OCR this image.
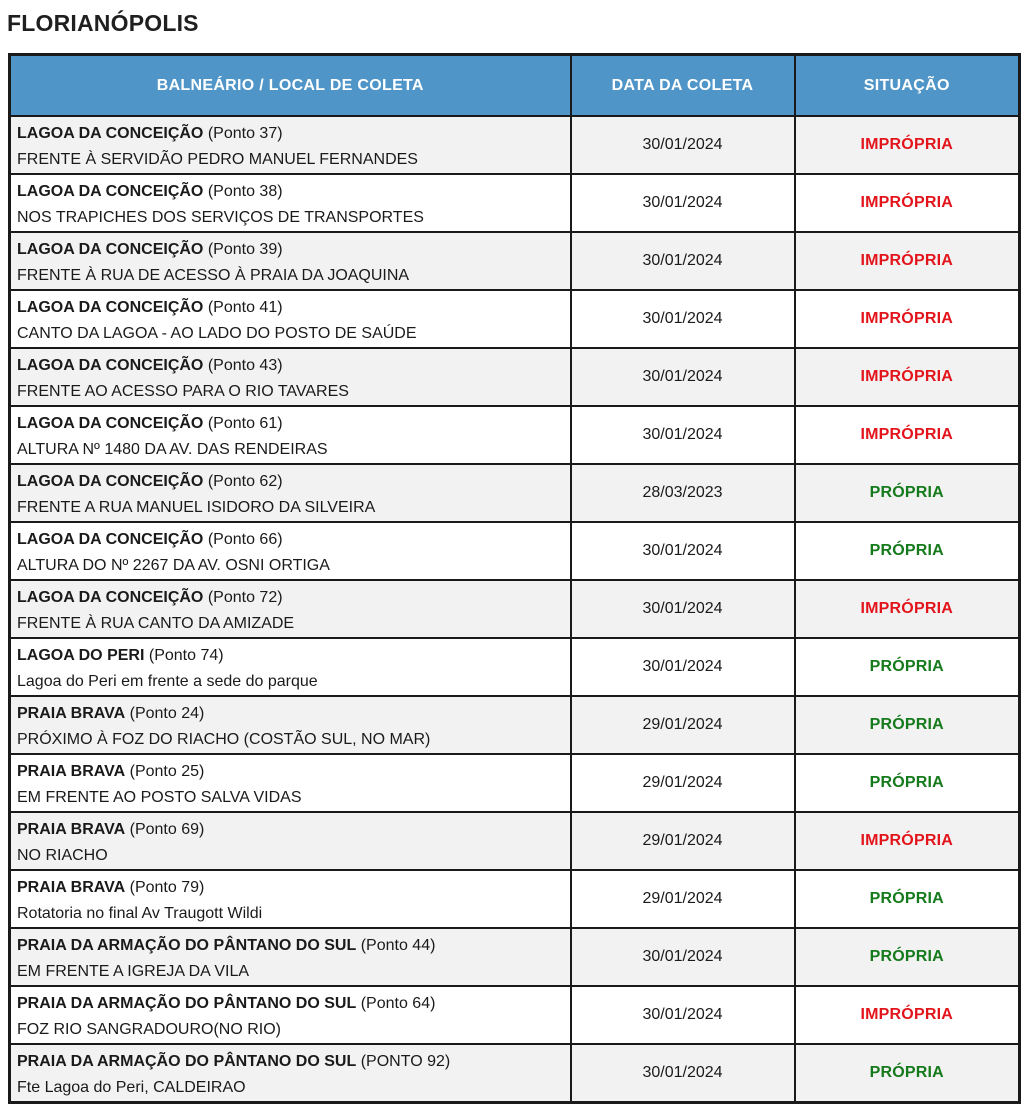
FLORIANÓPOLIS
BALNEÁRIO / LOCAL DE COLETA	DATA DA COLETA	SITUAÇÃO
LAGOA DA CONCEIÇÃO (Ponto 37)
FRENTE À SERVIDÃO PEDRO MANUEL FERNANDES	30/01/2024	IMPRÓPRIA
LAGOA DA CONCEIÇÃO (Ponto 38)
NOS TRAPICHES DOS SERVIÇOS DE TRANSPORTES	30/01/2024	IMPRÓPRIA
LAGOA DA CONCEIÇÃO (Ponto 39)
FRENTE À RUA DE ACESSO À PRAIA DA JOAQUINA	30/01/2024	IMPRÓPRIA
LAGOA DA CONCEIÇÃO (Ponto 41)
CANTO DA LAGOA - AO LADO DO POSTO DE SAÚDE	30/01/2024	IMPRÓPRIA
LAGOA DA CONCEIÇÃO (Ponto 43)
FRENTE AO ACESSO PARA O RIO TAVARES	30/01/2024	IMPRÓPRIA
LAGOA DA CONCEIÇÃO (Ponto 61)
ALTURA Nº 1480 DA AV. DAS RENDEIRAS	30/01/2024	IMPRÓPRIA
LAGOA DA CONCEIÇÃO (Ponto 62)
FRENTE A RUA MANUEL ISIDORO DA SILVEIRA	28/03/2023	PRÓPRIA
LAGOA DA CONCEIÇÃO (Ponto 66)
ALTURA DO Nº 2267 DA AV. OSNI ORTIGA	30/01/2024	PRÓPRIA
LAGOA DA CONCEIÇÃO (Ponto 72)
FRENTE À RUA CANTO DA AMIZADE	30/01/2024	IMPRÓPRIA
LAGOA DO PERI (Ponto 74)
Lagoa do Peri em frente a sede do parque	30/01/2024	PRÓPRIA
PRAIA BRAVA (Ponto 24)
PRÓXIMO À FOZ DO RIACHO (COSTÃO SUL, NO MAR)	29/01/2024	PRÓPRIA
PRAIA BRAVA (Ponto 25)
EM FRENTE AO POSTO SALVA VIDAS	29/01/2024	PRÓPRIA
PRAIA BRAVA (Ponto 69)
NO RIACHO	29/01/2024	IMPRÓPRIA
PRAIA BRAVA (Ponto 79)
Rotatoria no final Av Traugott Wildi	29/01/2024	PRÓPRIA
PRAIA DA ARMAÇÃO DO PÂNTANO DO SUL (Ponto 44)
EM FRENTE A IGREJA DA VILA	30/01/2024	PRÓPRIA
PRAIA DA ARMAÇÃO DO PÂNTANO DO SUL (Ponto 64)
FOZ RIO SANGRADOURO(NO RIO)	30/01/2024	IMPRÓPRIA
PRAIA DA ARMAÇÃO DO PÂNTANO DO SUL (PONTO 92)
Fte Lagoa do Peri, CALDEIRAO	30/01/2024	PRÓPRIA
